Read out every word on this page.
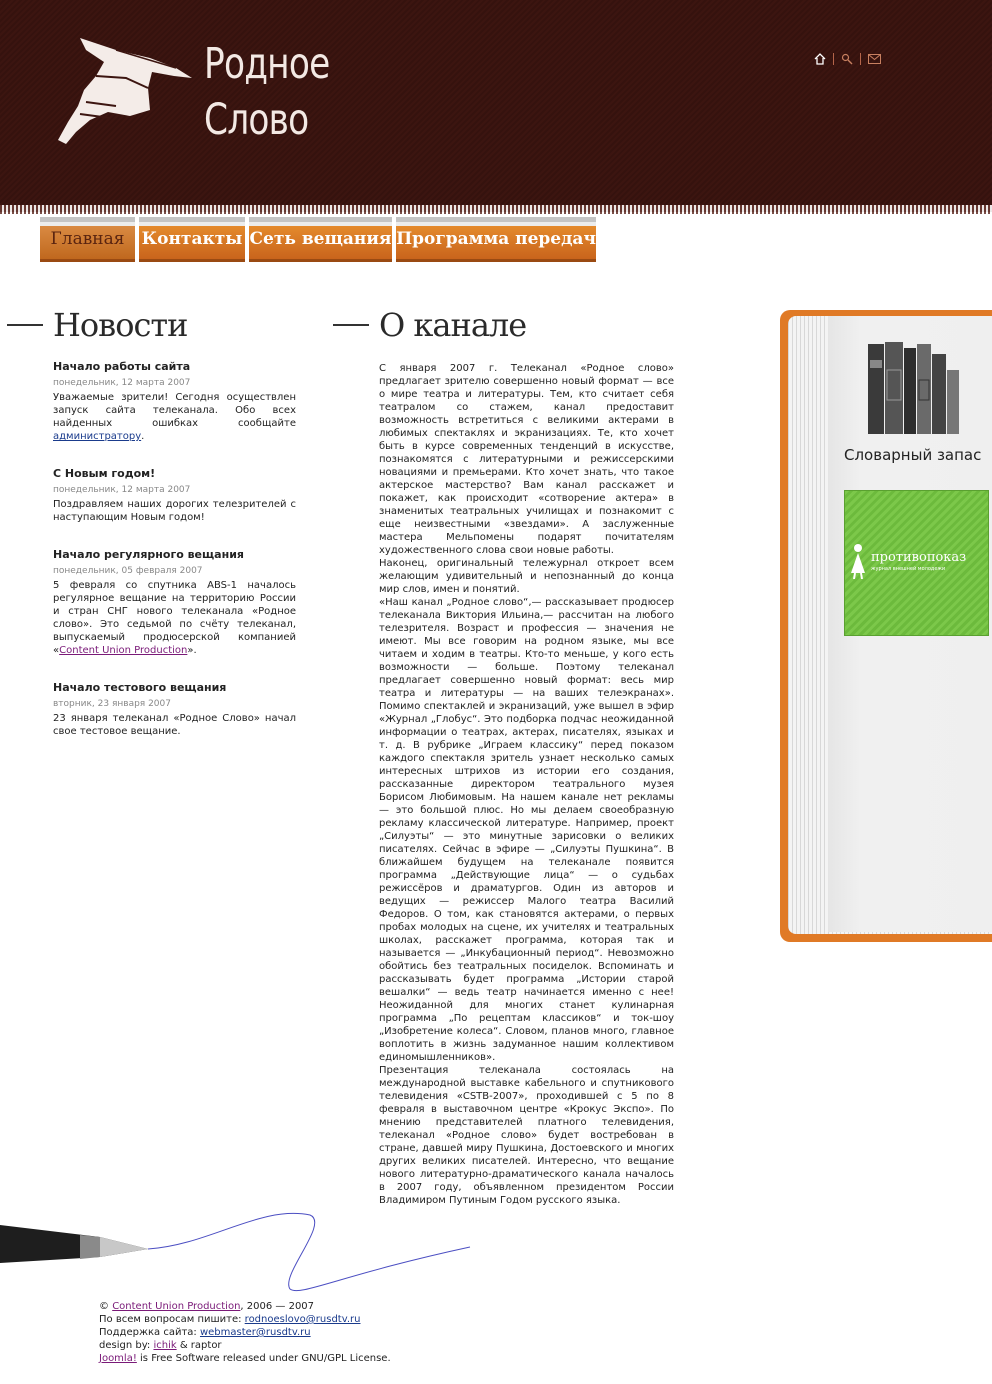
Родное
Слово
Главная	Контакты Сеть вещания Программа передач
Новости
Начало работы сайта
понедельник, 12 марта 2007
Уважаемые зрители! Сегодня осуществлен запуск сайта телеканала. Обо всех найденных ошибках сообщайте администратору.
С Новым годом!
понедельник, 12 марта 2007
Поздравляем наших дорогих телезрителей с наступающим Новым годом!
Начало регулярного вещания
понедельник, 05 февраля 2007
5 февраля со спутника ABS-1 началось регулярное вещание на территорию России и стран СНГ нового телеканала «Родное слово». Это седьмой по счёту телеканал, выпускаемый продюсерской компанией «Content Union Production».
Начало тестового вещания
вторник, 23 января 2007
23 января телеканал «Родное Слово» начал свое тестовое вещание.
О канале

С января 2007 г. Телеканал «Родное слово» предлагает зрителю совершенно новый формат — все о мире театра и литературы. Тем, кто считает себя театралом со стажем, канал предоставит возможность встретиться с великими актерами в любимых спектаклях и экранизациях. Те, кто хочет быть в курсе современных тенденций в искусстве, познакомятся с литературными и режиссерскими новациями и премьерами. Кто хочет знать, что такое актерское мастерство? Вам канал расскажет и покажет, как происходит «сотворение актера» в знаменитых театральных училищах и познакомит с еще неизвестными «звездами». А заслуженные мастера Мельпомены подарят почитателям художественного слова свои новые работы.

Наконец, оригинальный тележурнал откроет всем желающим удивительный и непознанный до конца мир слов, имен и понятий.

«Наш канал „Родное слово“,— рассказывает продюсер телеканала Виктория Ильина,— рассчитан на любого телезрителя. Возраст и профессия — значения не имеют. Мы все говорим на родном языке, мы все читаем и ходим в театры. Кто-то меньше, у кого есть возможности — больше. Поэтому телеканал предлагает совершенно новый формат: весь мир театра и литературы — на ваших телеэкранах». Помимо спектаклей и экранизаций, уже вышел в эфир «Журнал „Глобус“. Это подборка подчас неожиданной информации о театрах, актерах, писателях, языках и т. д. В рубрике „Играем классику“ перед показом каждого спектакля зритель узнает несколько самых интересных штрихов из истории его создания, рассказанные директором театрального музея Борисом Любимовым. На нашем канале нет рекламы — это большой плюс. Но мы делаем своеобразную рекламу классической литературе. Например, проект „Силуэты“ — это минутные зарисовки о великих писателях. Сейчас в эфире — „Силуэты Пушкина“. В ближайшем будущем на телеканале появится программа „Действующие лица“ — о судьбах режиссёров и драматургов. Один из авторов и ведущих — режиссер Малого театра Василий Федоров. О том, как становятся актерами, о первых пробах молодых на сцене, их учителях и театральных школах, расскажет программа, которая так и называется — „Инкубационный период“. Невозможно обойтись без театральных посиделок. Вспоминать и рассказывать будет программа „Истории старой вешалки“ — ведь театр начинается именно с нее! Неожиданной для многих станет кулинарная программа „По рецептам классиков“ и ток-шоу „Изобретение колеса“. Словом, планов много, главное воплотить в жизнь задуманное нашим коллективом единомышленников».

Презентация телеканала состоялась на международной выставке кабельного и спутникового телевидения «CSTB-2007», проходившей с 5 по 8 февраля в выставочном центре «Крокус Экспо». По мнению представителей платного телевидения, телеканал «Родное слово» будет востребован в стране, давшей миру Пушкина, Достоевского и многих других великих писателей. Интересно, что вещание нового литературно-драматического канала началось в 2007 году, объявленном президентом России Владимиром Путиным Годом русского языка.

Словарный запас
противопоказ
журнал внешней молодежи
© Content Union Production, 2006 — 2007
По всем вопросам пишите: rodnoeslovo@rusdtv.ru
Поддержка сайта: webmaster@rusdtv.ru
design by: ichik & raptor
Joomla! is Free Software released under GNU/GPL License.
